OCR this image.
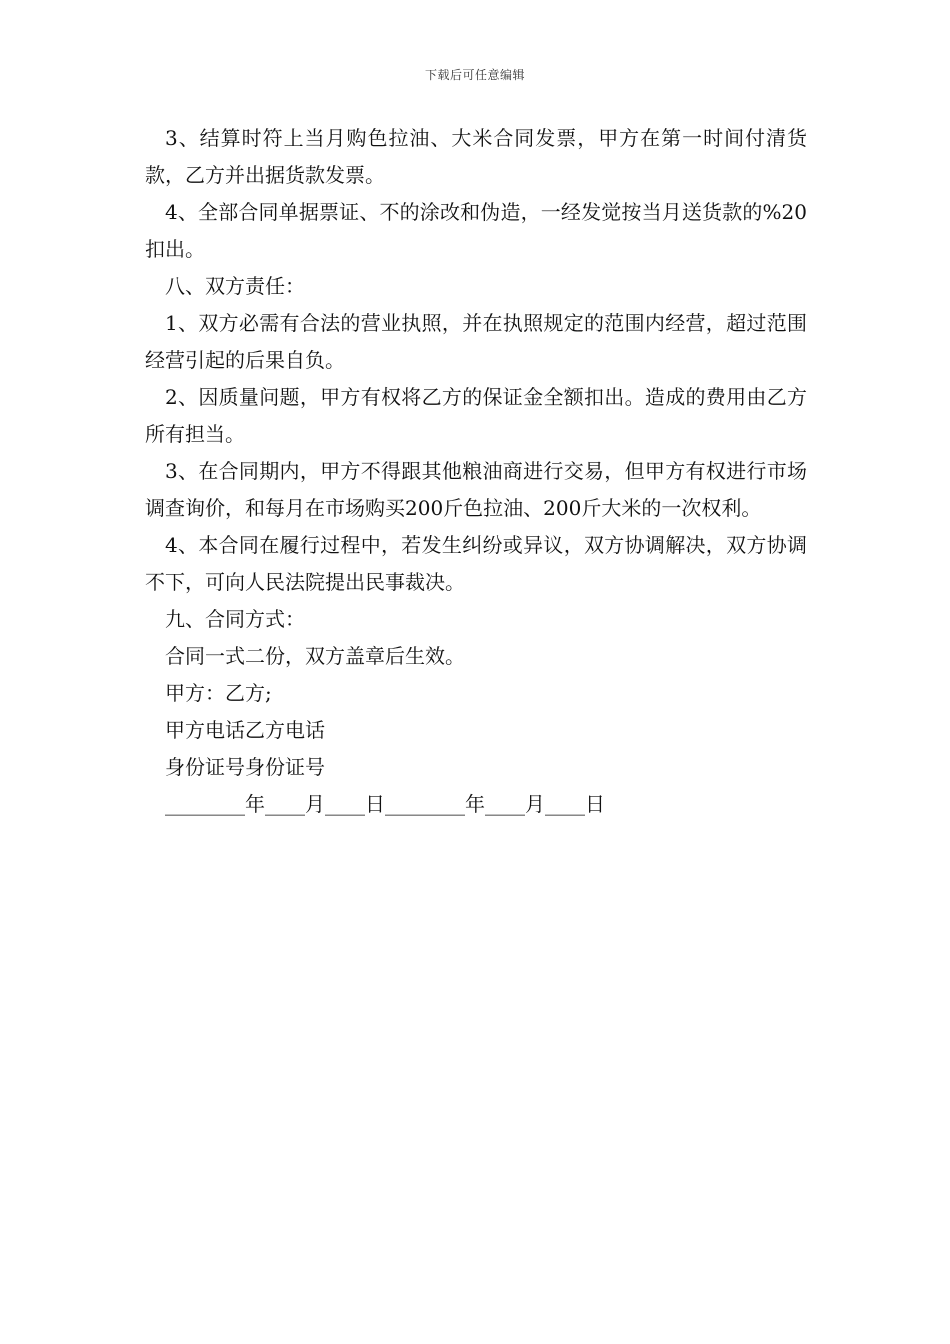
下载后可任意编辑

3、结算时符上当月购色拉油、大米合同发票，甲方在第一时间付清货款，乙方并出据货款发票。

4、全部合同单据票证、不的涂改和伪造，一经发觉按当月送货款的%20扣出。

八、双方责任：

1、双方必需有合法的营业执照，并在执照规定的范围内经营，超过范围经营引起的后果自负。

2、因质量问题，甲方有权将乙方的保证金全额扣出。造成的费用由乙方所有担当。

3、在合同期内，甲方不得跟其他粮油商进行交易，但甲方有权进行市场调查询价，和每月在市场购买200斤色拉油、200斤大米的一次权利。

4、本合同在履行过程中，若发生纠纷或异议，双方协调解决，双方协调不下，可向人民法院提出民事裁决。

九、合同方式：

合同一式二份，双方盖章后生效。

甲方：乙方;

甲方电话乙方电话

身份证号身份证号

________年____月____日________年____月____日
